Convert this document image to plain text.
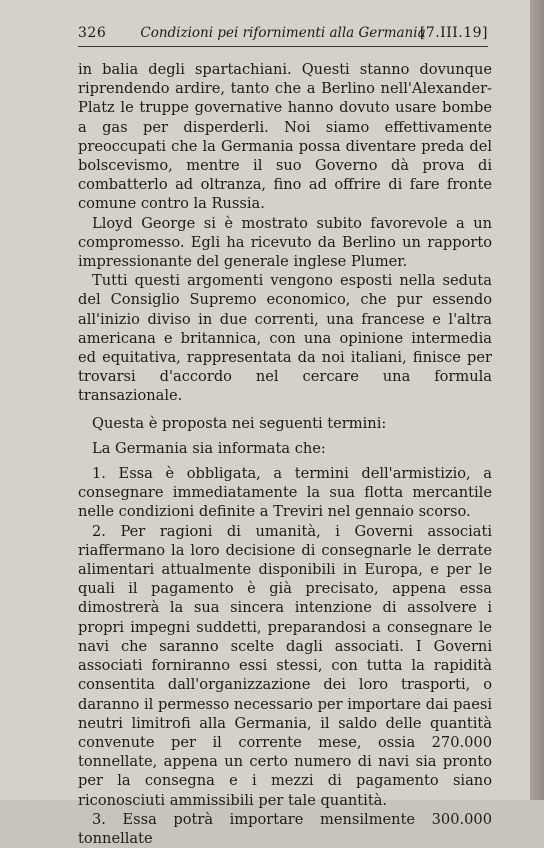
326	Condizioni pei rifornimenti alla Germania
[7.III.19]

in balia degli spartachiani. Questi stanno dovunque riprendendo ardire, tanto che a Berlino nell'Alexander-Platz le truppe governative hanno dovuto usare bombe a gas per disperderli. Noi siamo effettivamente preoccupati che la Germania possa diventare preda del bolscevismo, mentre il suo Governo dà prova di combatterlo ad oltranza, fino ad offrire di fare fronte comune contro la Russia.

Lloyd George si è mostrato subito favorevole a un compromesso. Egli ha ricevuto da Berlino un rapporto impressionante del generale inglese Plumer.

Tutti questi argomenti vengono esposti nella seduta del Consiglio Supremo economico, che pur essendo all'inizio diviso in due correnti, una francese e l'altra americana e britannica, con una opinione intermedia ed equitativa, rappresentata da noi italiani, finisce per trovarsi d'accordo nel cercare una formula transazionale.

Questa è proposta nei seguenti termini:

La Germania sia informata che:

1. Essa è obbligata, a termini dell'armistizio, a consegnare immediatamente la sua flotta mercantile nelle condizioni definite a Treviri nel gennaio scorso.

2. Per ragioni di umanità, i Governi associati riaffermano la loro decisione di consegnarle le derrate alimentari attualmente disponibili in Europa, e per le quali il pagamento è già precisato, appena essa dimostrerà la sua sincera intenzione di assolvere i propri impegni suddetti, preparandosi a consegnare le navi che saranno scelte dagli associati. I Governi associati forniranno essi stessi, con tutta la rapidità consentita dall'organizzazione dei loro trasporti, o daranno il permesso necessario per importare dai paesi neutri limitrofi alla Germania, il saldo delle quantità convenute per il corrente mese, ossia 270.000 tonnellate, appena un certo numero di navi sia pronto per la consegna e i mezzi di pagamento siano riconosciuti ammissibili per tale quantità.

3. Essa potrà importare mensilmente 300.000 tonnellate
